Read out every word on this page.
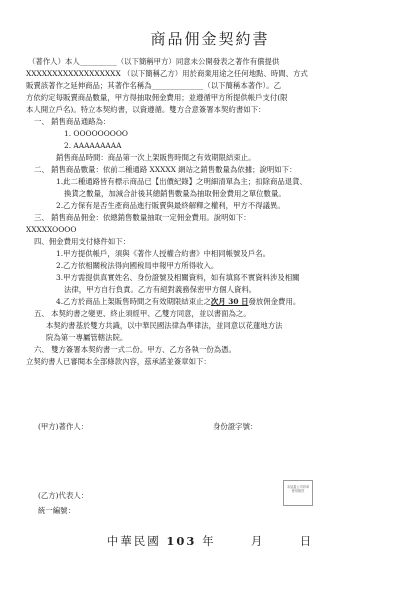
商品佣金契約書

（著作人）本人__________（以下簡稱甲方）同意未公開發表之著作有償提供

XXXXXXXXXXXXXXXXXX （以下簡稱乙方）用於商業用途之任何地點、時間、方式

販賣該著作之延伸商品；其著作名稱為______________（以下簡稱本著作）。乙

方依約定每販賣商品數量，甲方得抽取佣金費用；並遵循甲方所提供帳戶支付(限

本人開立戶名)。特立本契約書，以資遵循。雙方合意簽署本契約書如下：

一、 銷售商品通路為：

1. OOOOOOOOO

2. AAAAAAAAA

銷售商品時間：商品第一次上架販售時間之有效期限結束止。

二、 銷售商品數量：依前二種通路 XXXXX 網站之銷售數量為依據；說明如下：

1.此二種通路皆有標示商品已【出價紀錄】之明細清單為主；扣除商品退貨、

換貨之數量，加減合計後其總銷售數量為抽取佣金費用之單位數量。

2.乙方保有是否生產商品進行販賣與最終解釋之權利，甲方不得議異。

三、 銷售商品佣金：依總銷售數量抽取一定佣金費用。說明如下：

XXXXXOOOO

四、佣金費用支付條件如下：

1.甲方提供帳戶，須與《著作人授權合約書》中相同帳號及戶名。

2.乙方依相關稅法得向國稅局申報甲方所得收入。

3.甲方需提供真實姓名、身份證號及相關資料，如有填寫不實資料涉及相關

法律，甲方自行負責。乙方有絕對義務保密甲方個人資料。

4.乙方於商品上架販售時間之有效期限結束止之次月 30 日發放佣金費用。

五、 本契約書之變更、終止須經甲、乙雙方同意，並以書面為之。

本契約書基於雙方共識，以中華民國法律為準律法，並同意以花蓮地方法

院為第一專屬管轄法院。

六、 雙方簽署本契約書一式二份。甲方、乙方各執一份為憑。

立契約書人已審閱本全部條款內容，茲承諾並簽章如下：

(甲方)著作人：	身份證字號：
(乙方)代表人：
統一編號：
本加蓋公司印章
使用無效
中華民國 103 年	月	日
